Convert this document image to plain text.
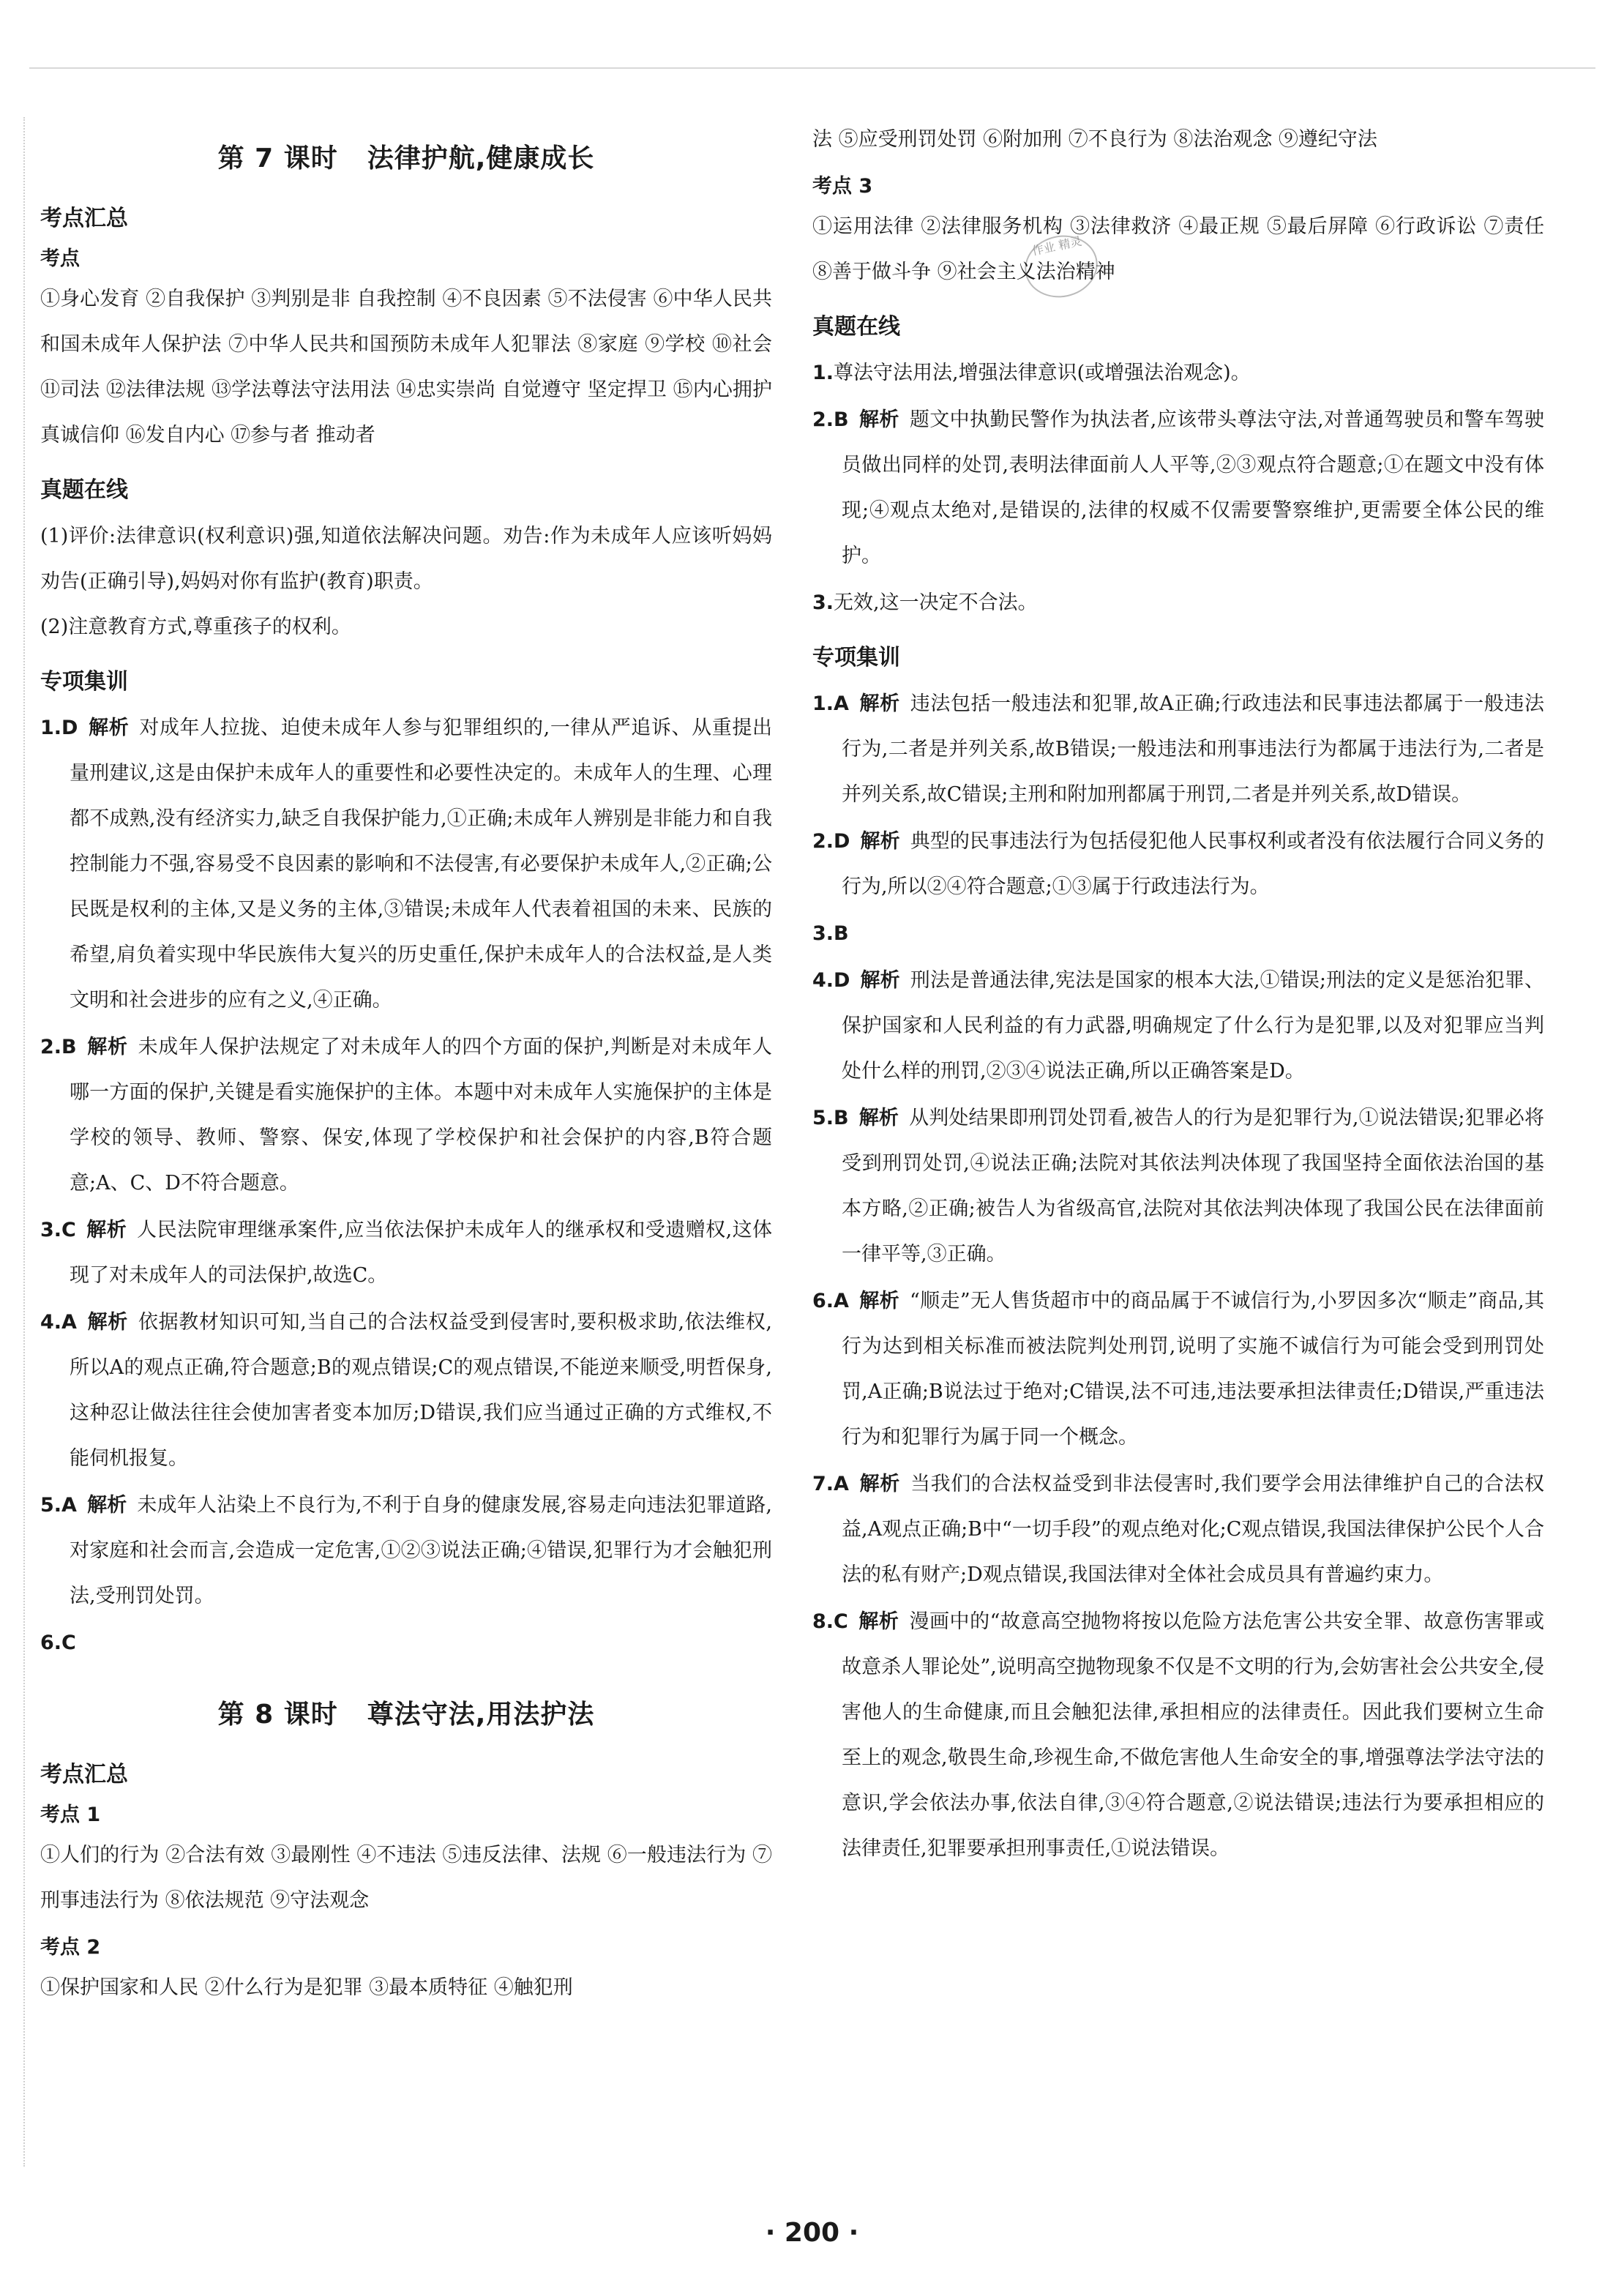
作业 精灵
第 7 课时 法律护航,健康成长
考点汇总
考点

①身心发育 ②自我保护 ③判别是非 自我控制 ④不良因素 ⑤不法侵害 ⑥中华人民共和国未成年人保护法 ⑦中华人民共和国预防未成年人犯罪法 ⑧家庭 ⑨学校 ⑩社会 ⑪司法 ⑫法律法规 ⑬学法尊法守法用法 ⑭忠实崇尚 自觉遵守 坚定捍卫 ⑮内心拥护 真诚信仰 ⑯发自内心 ⑰参与者 推动者

真题在线

(1)评价:法律意识(权利意识)强,知道依法解决问题。劝告:作为未成年人应该听妈妈劝告(正确引导),妈妈对你有监护(教育)职责。

(2)注意教育方式,尊重孩子的权利。

专项集训

1.D 解析 对成年人拉拢、迫使未成年人参与犯罪组织的,一律从严追诉、从重提出量刑建议,这是由保护未成年人的重要性和必要性决定的。未成年人的生理、心理都不成熟,没有经济实力,缺乏自我保护能力,①正确;未成年人辨别是非能力和自我控制能力不强,容易受不良因素的影响和不法侵害,有必要保护未成年人,②正确;公民既是权利的主体,又是义务的主体,③错误;未成年人代表着祖国的未来、民族的希望,肩负着实现中华民族伟大复兴的历史重任,保护未成年人的合法权益,是人类文明和社会进步的应有之义,④正确。

2.B 解析 未成年人保护法规定了对未成年人的四个方面的保护,判断是对未成年人哪一方面的保护,关键是看实施保护的主体。本题中对未成年人实施保护的主体是学校的领导、教师、警察、保安,体现了学校保护和社会保护的内容,B符合题意;A、C、D不符合题意。

3.C 解析 人民法院审理继承案件,应当依法保护未成年人的继承权和受遗赠权,这体现了对未成年人的司法保护,故选C。

4.A 解析 依据教材知识可知,当自己的合法权益受到侵害时,要积极求助,依法维权,所以A的观点正确,符合题意;B的观点错误;C的观点错误,不能逆来顺受,明哲保身,这种忍让做法往往会使加害者变本加厉;D错误,我们应当通过正确的方式维权,不能伺机报复。

5.A 解析 未成年人沾染上不良行为,不利于自身的健康发展,容易走向违法犯罪道路,对家庭和社会而言,会造成一定危害,①②③说法正确;④错误,犯罪行为才会触犯刑法,受刑罚处罚。

6.C

第 8 课时 尊法守法,用法护法
考点汇总
考点 1

①人们的行为 ②合法有效 ③最刚性 ④不违法 ⑤违反法律、法规 ⑥一般违法行为 ⑦刑事违法行为 ⑧依法规范 ⑨守法观念

考点 2

①保护国家和人民 ②什么行为是犯罪 ③最本质特征 ④触犯刑

法 ⑤应受刑罚处罚 ⑥附加刑 ⑦不良行为 ⑧法治观念 ⑨遵纪守法

考点 3

①运用法律 ②法律服务机构 ③法律救济 ④最正规 ⑤最后屏障 ⑥行政诉讼 ⑦责任 ⑧善于做斗争 ⑨社会主义法治精神

真题在线

1.尊法守法用法,增强法律意识(或增强法治观念)。

2.B 解析 题文中执勤民警作为执法者,应该带头尊法守法,对普通驾驶员和警车驾驶员做出同样的处罚,表明法律面前人人平等,②③观点符合题意;①在题文中没有体现;④观点太绝对,是错误的,法律的权威不仅需要警察维护,更需要全体公民的维护。

3.无效,这一决定不合法。

专项集训

1.A 解析 违法包括一般违法和犯罪,故A正确;行政违法和民事违法都属于一般违法行为,二者是并列关系,故B错误;一般违法和刑事违法行为都属于违法行为,二者是并列关系,故C错误;主刑和附加刑都属于刑罚,二者是并列关系,故D错误。

2.D 解析 典型的民事违法行为包括侵犯他人民事权利或者没有依法履行合同义务的行为,所以②④符合题意;①③属于行政违法行为。

3.B

4.D 解析 刑法是普通法律,宪法是国家的根本大法,①错误;刑法的定义是惩治犯罪、保护国家和人民利益的有力武器,明确规定了什么行为是犯罪,以及对犯罪应当判处什么样的刑罚,②③④说法正确,所以正确答案是D。

5.B 解析 从判处结果即刑罚处罚看,被告人的行为是犯罪行为,①说法错误;犯罪必将受到刑罚处罚,④说法正确;法院对其依法判决体现了我国坚持全面依法治国的基本方略,②正确;被告人为省级高官,法院对其依法判决体现了我国公民在法律面前一律平等,③正确。

6.A 解析 “顺走”无人售货超市中的商品属于不诚信行为,小罗因多次“顺走”商品,其行为达到相关标准而被法院判处刑罚,说明了实施不诚信行为可能会受到刑罚处罚,A正确;B说法过于绝对;C错误,法不可违,违法要承担法律责任;D错误,严重违法行为和犯罪行为属于同一个概念。

7.A 解析 当我们的合法权益受到非法侵害时,我们要学会用法律维护自己的合法权益,A观点正确;B中“一切手段”的观点绝对化;C观点错误,我国法律保护公民个人合法的私有财产;D观点错误,我国法律对全体社会成员具有普遍约束力。

8.C 解析 漫画中的“故意高空抛物将按以危险方法危害公共安全罪、故意伤害罪或故意杀人罪论处”,说明高空抛物现象不仅是不文明的行为,会妨害社会公共安全,侵害他人的生命健康,而且会触犯法律,承担相应的法律责任。因此我们要树立生命至上的观念,敬畏生命,珍视生命,不做危害他人生命安全的事,增强尊法学法守法的意识,学会依法办事,依法自律,③④符合题意,②说法错误;违法行为要承担相应的法律责任,犯罪要承担刑事责任,①说法错误。

· 200 ·
